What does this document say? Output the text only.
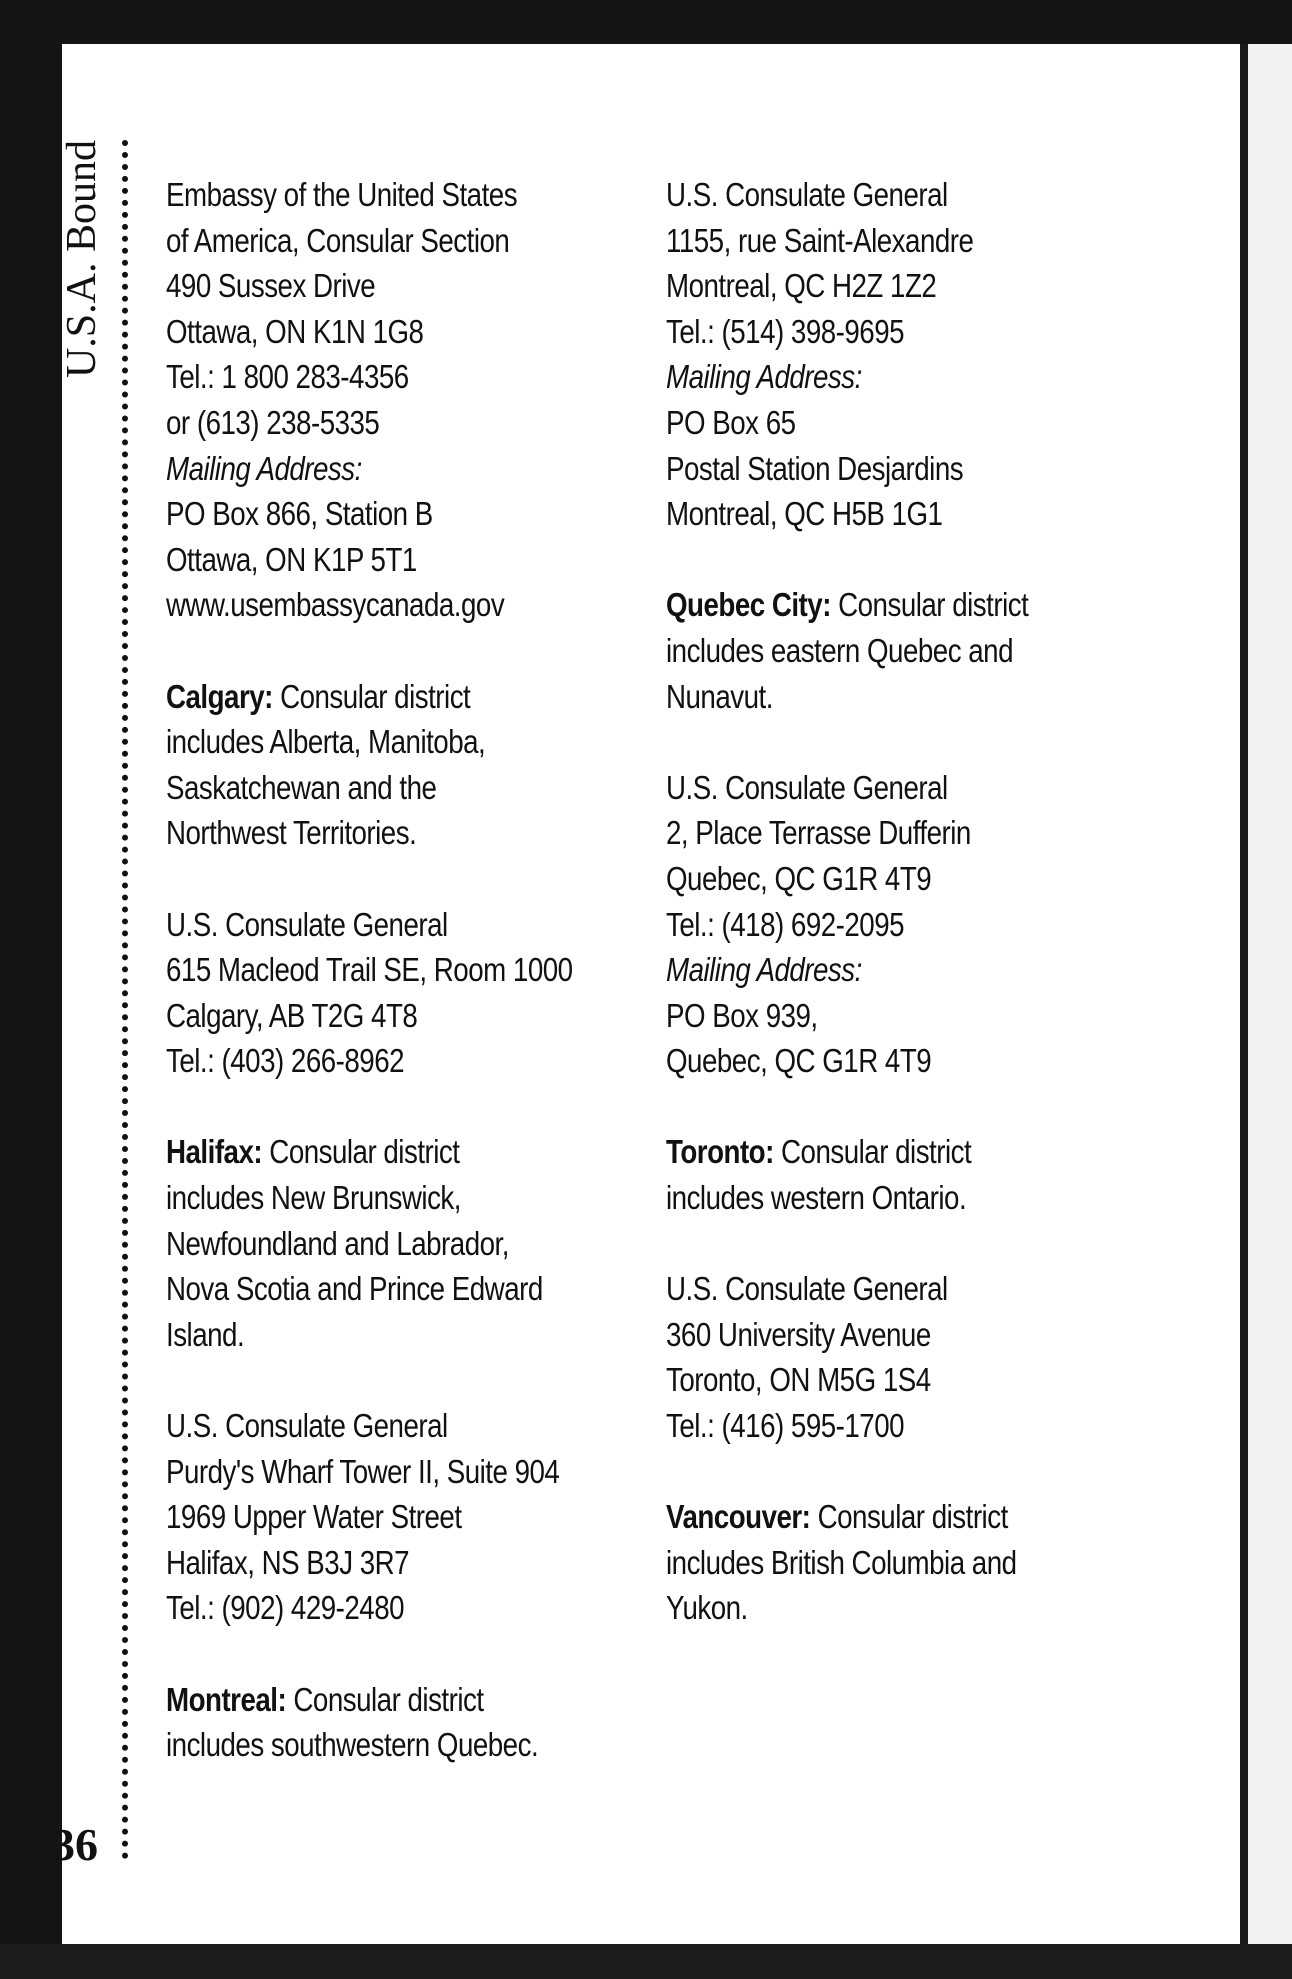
U.S.A. Bound
36
Embassy of the United States
of America, Consular Section
490 Sussex Drive
Ottawa, ON K1N 1G8
Tel.: 1 800 283-4356
or (613) 238-5335
Mailing Address:
PO Box 866, Station B
Ottawa, ON K1P 5T1
www.usembassycanada.gov
Calgary: Consular district
includes Alberta, Manitoba,
Saskatchewan and the
Northwest Territories.
U.S. Consulate General
615 Macleod Trail SE, Room 1000
Calgary, AB T2G 4T8
Tel.: (403) 266-8962
Halifax: Consular district
includes New Brunswick,
Newfoundland and Labrador,
Nova Scotia and Prince Edward
Island.
U.S. Consulate General
Purdy's Wharf Tower II, Suite 904
1969 Upper Water Street
Halifax, NS B3J 3R7
Tel.: (902) 429-2480
Montreal: Consular district
includes southwestern Quebec.
U.S. Consulate General
1155, rue Saint-Alexandre
Montreal, QC H2Z 1Z2
Tel.: (514) 398-9695
Mailing Address:
PO Box 65
Postal Station Desjardins
Montreal, QC H5B 1G1
Quebec City: Consular district
includes eastern Quebec and
Nunavut.
U.S. Consulate General
2, Place Terrasse Dufferin
Quebec, QC G1R 4T9
Tel.: (418) 692-2095
Mailing Address:
PO Box 939,
Quebec, QC G1R 4T9
Toronto: Consular district
includes western Ontario.
U.S. Consulate General
360 University Avenue
Toronto, ON M5G 1S4
Tel.: (416) 595-1700
Vancouver: Consular district
includes British Columbia and
Yukon.
